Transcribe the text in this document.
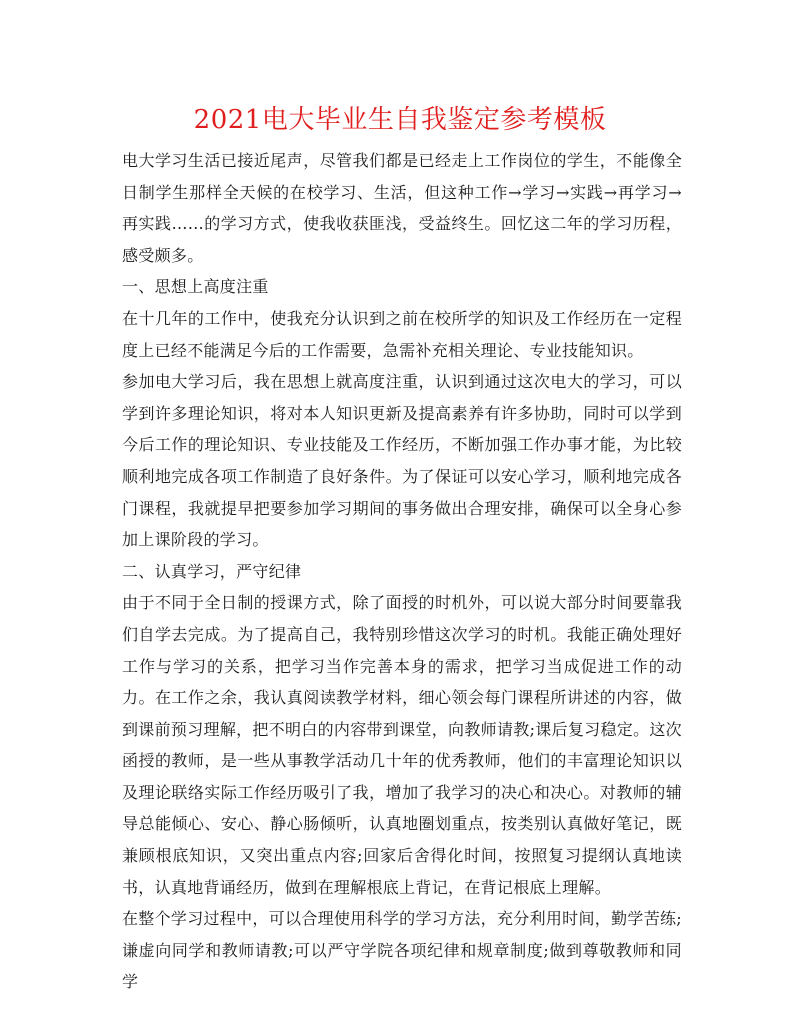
2021电大毕业生自我鉴定参考模板

电大学习生活已接近尾声，尽管我们都是已经走上工作岗位的学生，不能像全日制学生那样全天候的在校学习、生活，但这种工作→学习→实践→再学习→再实践……的学习方式，使我收获匪浅，受益终生。回忆这二年的学习历程，感受颇多。

一、思想上高度注重

在十几年的工作中，使我充分认识到之前在校所学的知识及工作经历在一定程度上已经不能满足今后的工作需要，急需补充相关理论、专业技能知识。

参加电大学习后，我在思想上就高度注重，认识到通过这次电大的学习，可以学到许多理论知识，将对本人知识更新及提高素养有许多协助，同时可以学到今后工作的理论知识、专业技能及工作经历，不断加强工作办事才能，为比较顺利地完成各项工作制造了良好条件。为了保证可以安心学习，顺利地完成各门课程，我就提早把要参加学习期间的事务做出合理安排，确保可以全身心参加上课阶段的学习。

二、认真学习，严守纪律

由于不同于全日制的授课方式，除了面授的时机外，可以说大部分时间要靠我们自学去完成。为了提高自己，我特别珍惜这次学习的时机。我能正确处理好工作与学习的关系，把学习当作完善本身的需求，把学习当成促进工作的动力。在工作之余，我认真阅读教学材料，细心领会每门课程所讲述的内容，做到课前预习理解，把不明白的内容带到课堂，向教师请教;课后复习稳定。这次函授的教师，是一些从事教学活动几十年的优秀教师，他们的丰富理论知识以及理论联络实际工作经历吸引了我，增加了我学习的决心和决心。对教师的辅导总能倾心、安心、静心肠倾听，认真地圈划重点，按类别认真做好笔记，既兼顾根底知识，又突出重点内容;回家后舍得化时间，按照复习提纲认真地读书，认真地背诵经历，做到在理解根底上背记，在背记根底上理解。

在整个学习过程中，可以合理使用科学的学习方法，充分利用时间，勤学苦练;谦虚向同学和教师请教;可以严守学院各项纪律和规章制度;做到尊敬教师和同学
